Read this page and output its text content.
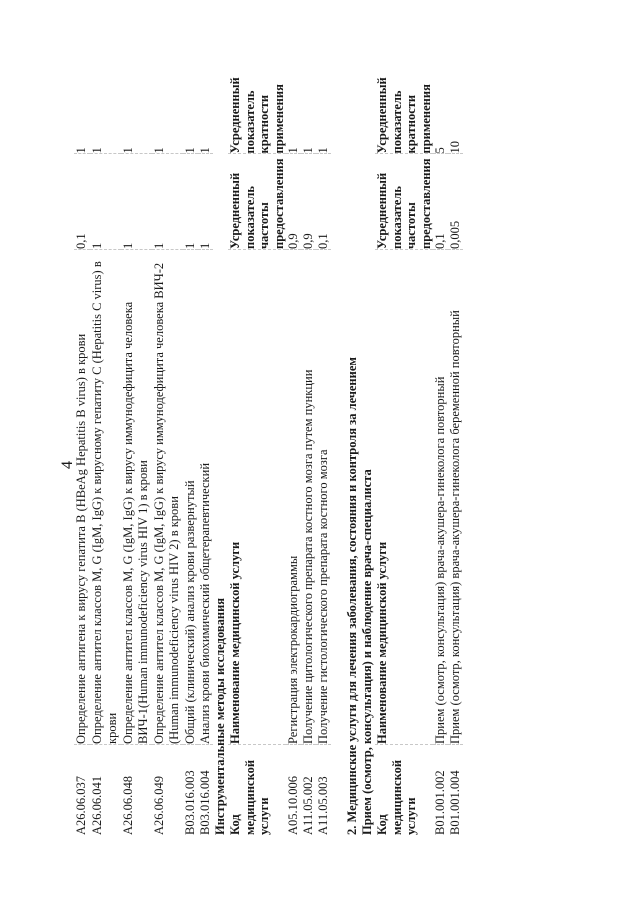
4
A26.06.037	Определение антигена к вирусу гепатита В (HBeAg Hepatitis B virus) в крови	0,1	1
A26.06.041	Определение антител классов M, G (IgM, IgG) к вирусному гепатиту C (Hepatitis C virus) в крови	1	1
A26.06.048	Определение антител классов M, G (IgM, IgG) к вирусу иммунодефицита человека ВИЧ-1(Human immunodeficiency virus HIV 1) в крови	1	1
A26.06.049	Определение антител классов M, G (IgM, IgG) к вирусу иммунодефицита человека ВИЧ-2 (Human immunodeficiency virus HIV 2) в крови	1	1
B03.016.003	Общий (клинический) анализ крови развернутый	1	1
B03.016.004	Анализ крови биохимический общетерапевтический	1	1
Инструментальные методы исследования			
Код медицинской услуги	Наименование медицинской услуги	Усредненный показатель частоты предоставления	Усредненный показатель кратности применения
A05.10.006	Регистрация электрокардиограммы	0,9	1
A11.05.002	Получение цитологического препарата костного мозга путем пункции	0,9	1
A11.05.003	Получение гистологического препарата костного мозга	0,1	1

2. Медицинские услуги для лечения заболевания, состояния и контроля за лечением			
Прием (осмотр, консультация) и наблюдение врача-специалиста			
Код медицинской услуги	Наименование медицинской услуги	Усредненный показатель частоты предоставления	Усредненный показатель кратности применения
B01.001.002	Прием (осмотр, консультация) врача-акушера-гинеколога повторный	0,1	5
B01.001.004	Прием (осмотр, консультация) врача-акушера-гинеколога беременной повторный	0,005	10
